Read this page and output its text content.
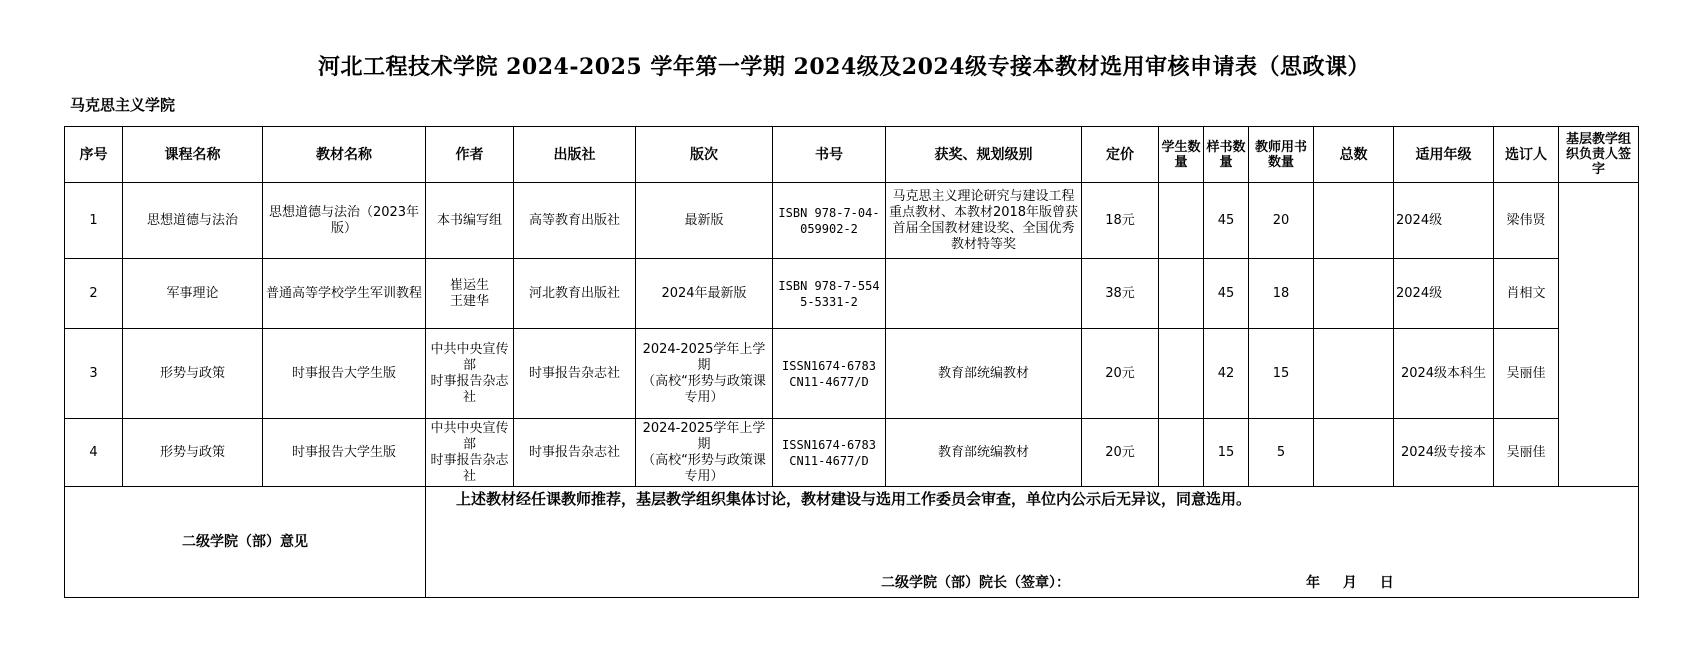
河北工程技术学院 2024-2025 学年第一学期 2024级及2024级专接本教材选用审核申请表（思政课）
马克思主义学院
序号	课程名称	教材名称	作者	出版社	版次	书号	获奖、规划级别	定价	学生数量	样书数量	教师用书数量	总数	适用年级	选订人	基层教学组织负责人签字
1	思想道德与法治	思想道德与法治（2023年版）	本书编写组	高等教育出版社	最新版	ISBN 978-7-04-059902-2	马克思主义理论研究与建设工程重点教材、本教材2018年版曾获首届全国教材建设奖、全国优秀教材特等奖	18元		45	20		2024级	梁伟贤	
2	军事理论	普通高等学校学生军训教程	崔运生
王建华	河北教育出版社	2024年最新版	ISBN 978-7-5545-5331-2		38元		45	18		2024级	肖相文	
3	形势与政策	时事报告大学生版	中共中央宣传部
时事报告杂志社	时事报告杂志社	2024-2025学年上学期
（高校“形势与政策课专用）	ISSN1674-6783
CN11-4677/D	教育部统编教材	20元		42	15		2024级本科生	吴丽佳	
4	形势与政策	时事报告大学生版	中共中央宣传部
时事报告杂志社	时事报告杂志社	2024-2025学年上学期
（高校“形势与政策课专用）	ISSN1674-6783
CN11-4677/D	教育部统编教材	20元		15	5		2024级专接本	吴丽佳	
二级学院（部）意见			上述教材经任课教师推荐，基层教学组织集体讨论，教材建设与选用工作委员会审查，单位内公示后无异议，同意选用。
二级学院（部）院长（签章）： 年 月 日												
